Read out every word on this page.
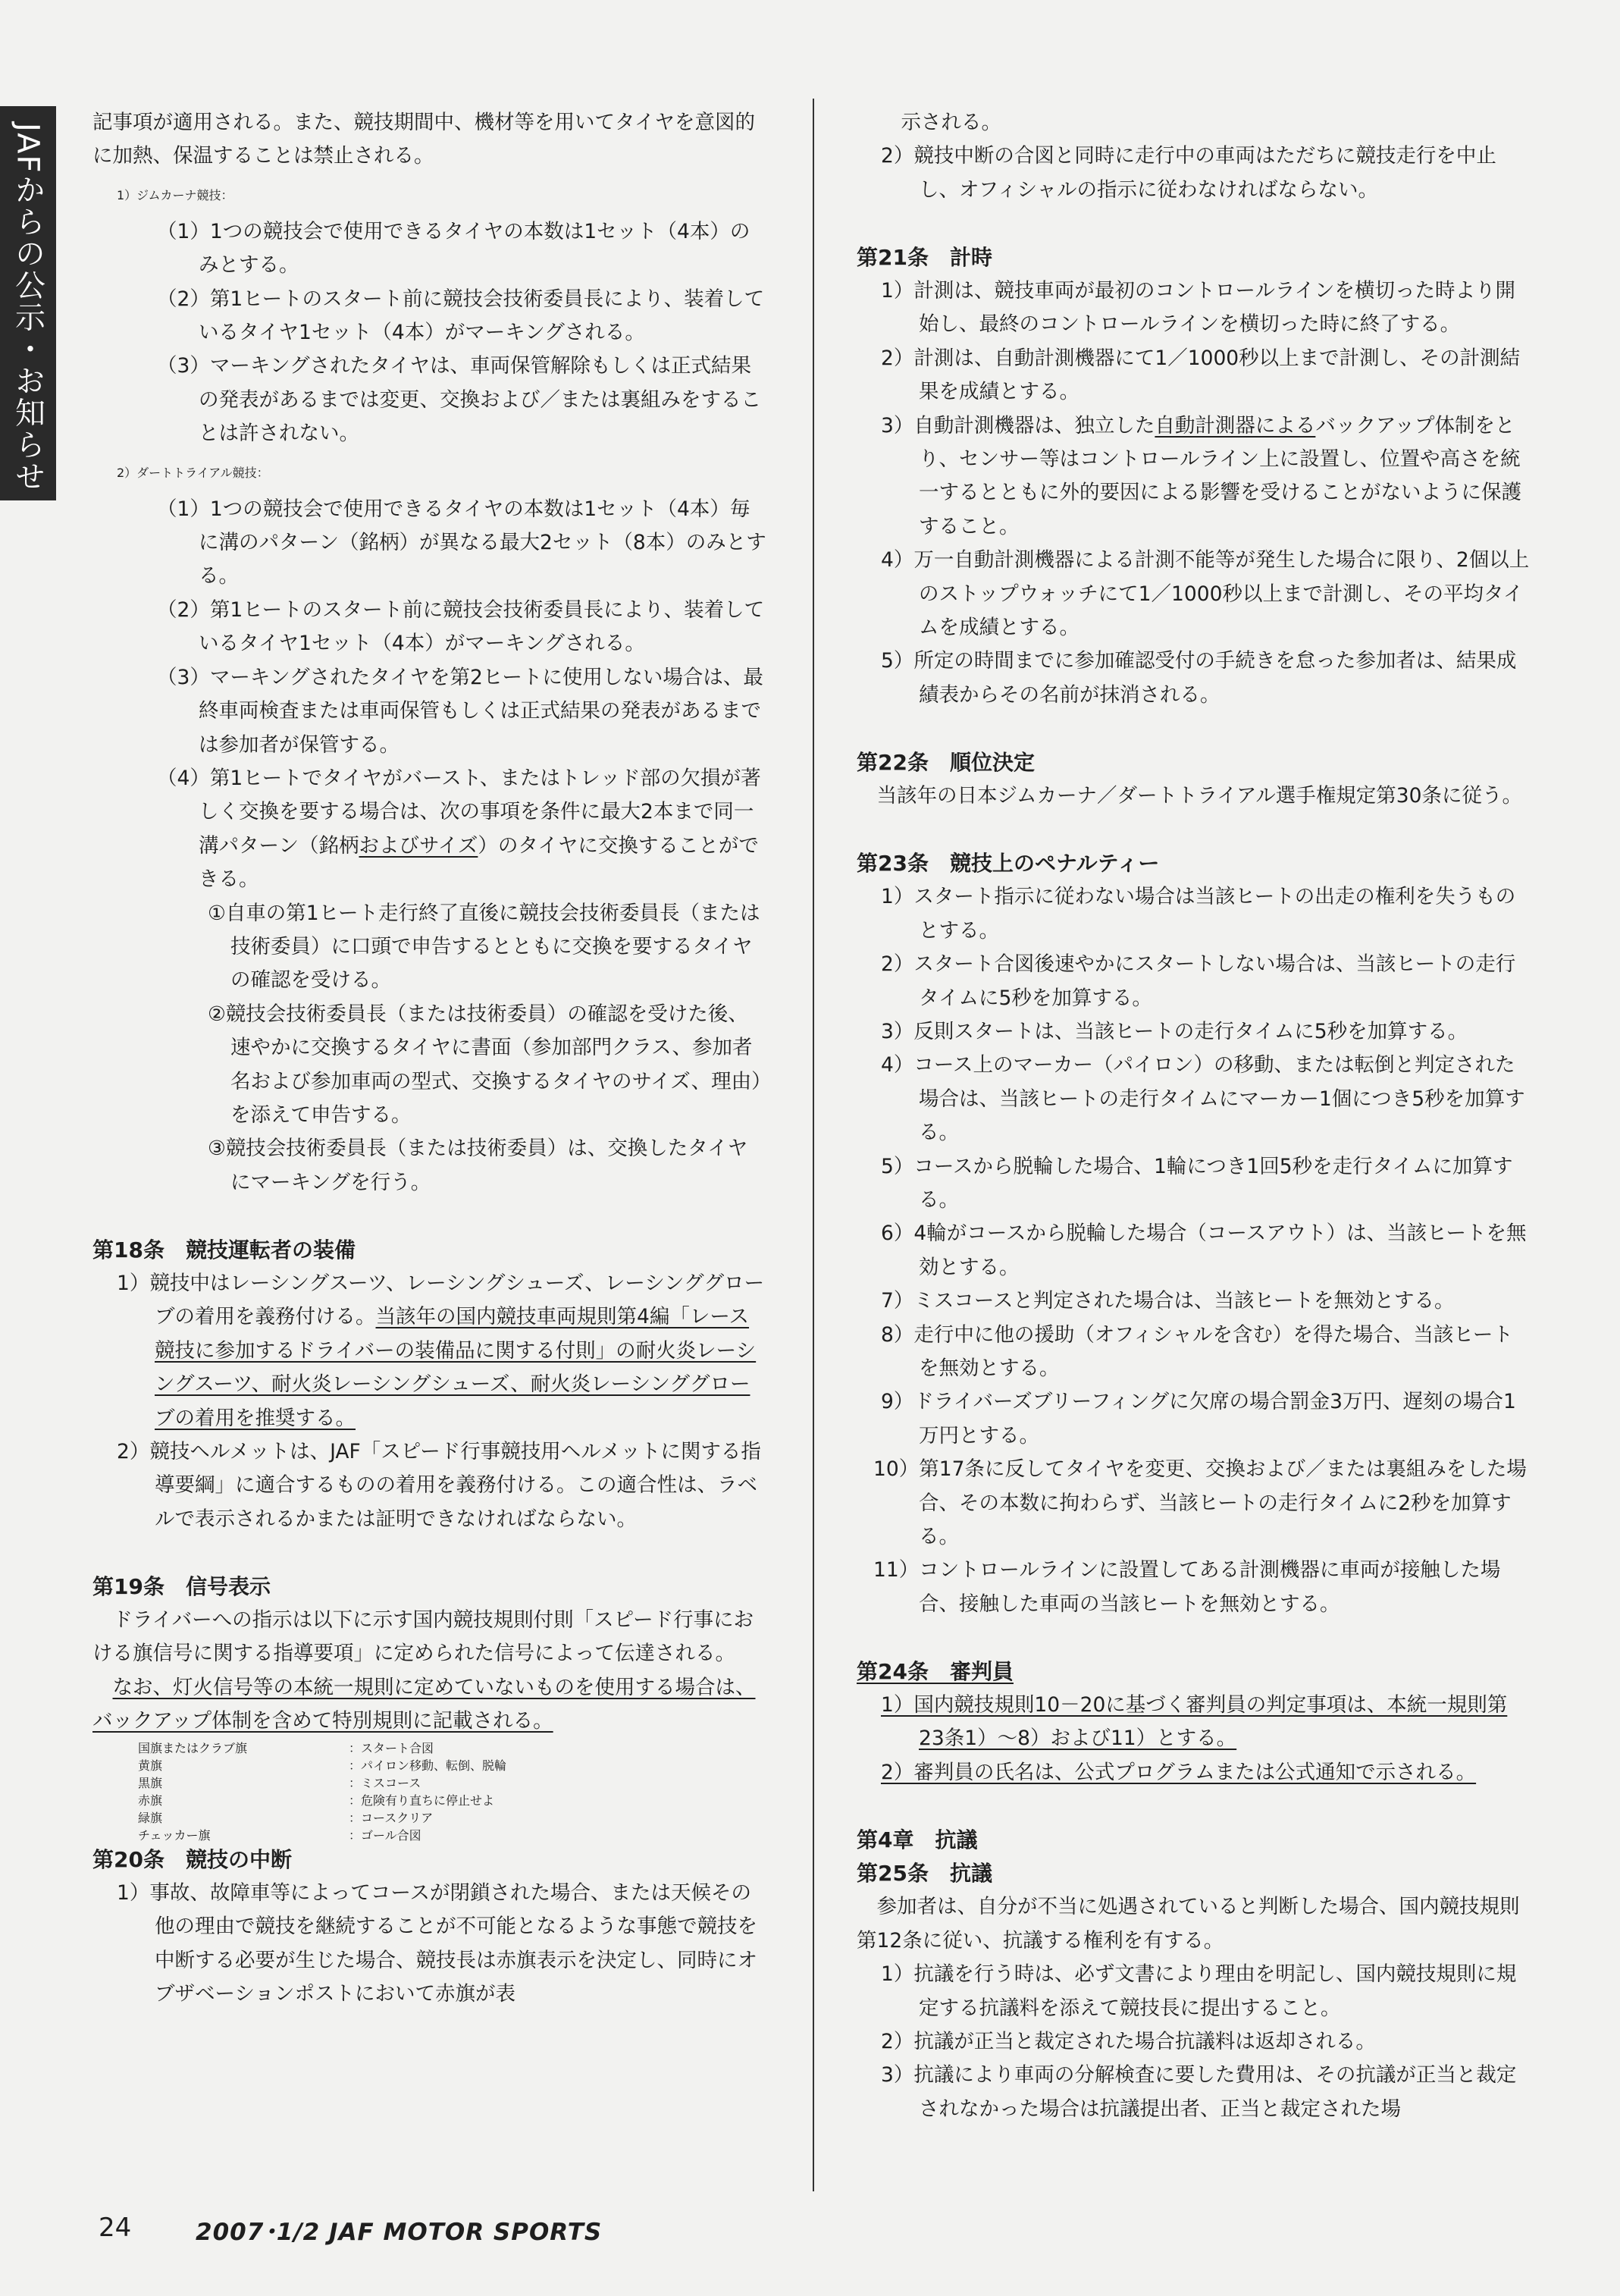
JAFからの公示・お知らせ

記事項が適用される。また、競技期間中、機材等を用いてタイヤを意図的に加熱、保温することは禁止される。

1）ジムカーナ競技：

（1）1つの競技会で使用できるタイヤの本数は1セット（4本）のみとする。

（2）第1ヒートのスタート前に競技会技術委員長により、装着しているタイヤ1セット（4本）がマーキングされる。

（3）マーキングされたタイヤは、車両保管解除もしくは正式結果の発表があるまでは変更、交換および／または裏組みをすることは許されない。

2）ダートトライアル競技：

（1）1つの競技会で使用できるタイヤの本数は1セット（4本）毎に溝のパターン（銘柄）が異なる最大2セット（8本）のみとする。

（2）第1ヒートのスタート前に競技会技術委員長により、装着しているタイヤ1セット（4本）がマーキングされる。

（3）マーキングされたタイヤを第2ヒートに使用しない場合は、最終車両検査または車両保管もしくは正式結果の発表があるまでは参加者が保管する。

（4）第1ヒートでタイヤがバースト、またはトレッド部の欠損が著しく交換を要する場合は、次の事項を条件に最大2本まで同一溝パターン（銘柄およびサイズ）のタイヤに交換することができる。

①自車の第1ヒート走行終了直後に競技会技術委員長（または技術委員）に口頭で申告するとともに交換を要するタイヤの確認を受ける。

②競技会技術委員長（または技術委員）の確認を受けた後、速やかに交換するタイヤに書面（参加部門クラス、参加者名および参加車両の型式、交換するタイヤのサイズ、理由）を添えて申告する。

③競技会技術委員長（または技術委員）は、交換したタイヤにマーキングを行う。

第18条　競技運転者の装備

1）競技中はレーシングスーツ、レーシングシューズ、レーシンググローブの着用を義務付ける。当該年の国内競技車両規則第4編「レース競技に参加するドライバーの装備品に関する付則」の耐火炎レーシングスーツ、耐火炎レーシングシューズ、耐火炎レーシンググローブの着用を推奨する。

2）競技ヘルメットは、JAF「スピード行事競技用ヘルメットに関する指導要綱」に適合するものの着用を義務付ける。この適合性は、ラベルで表示されるかまたは証明できなければならない。

第19条　信号表示

ドライバーへの指示は以下に示す国内競技規則付則「スピード行事における旗信号に関する指導要項」に定められた信号によって伝達される。

なお、灯火信号等の本統一規則に定めていないものを使用する場合は、バックアップ体制を含めて特別規則に記載される。

国旗またはクラブ旗	：スタート合図
黄旗	：パイロン移動、転倒、脱輪
黒旗	：ミスコース
赤旗	：危険有り直ちに停止せよ
緑旗	：コースクリア
チェッカー旗	：ゴール合図

第20条　競技の中断

1）事故、故障車等によってコースが閉鎖された場合、または天候その他の理由で競技を継続することが不可能となるような事態で競技を中断する必要が生じた場合、競技長は赤旗表示を決定し、同時にオブザベーションポストにおいて赤旗が表

　示される。

2）競技中断の合図と同時に走行中の車両はただちに競技走行を中止し、オフィシャルの指示に従わなければならない。

第21条　計時

1）計測は、競技車両が最初のコントロールラインを横切った時より開始し、最終のコントロールラインを横切った時に終了する。

2）計測は、自動計測機器にて1／1000秒以上まで計測し、その計測結果を成績とする。

3）自動計測機器は、独立した自動計測器によるバックアップ体制をとり、センサー等はコントロールライン上に設置し、位置や高さを統一するとともに外的要因による影響を受けることがないように保護すること。

4）万一自動計測機器による計測不能等が発生した場合に限り、2個以上のストップウォッチにて1／1000秒以上まで計測し、その平均タイムを成績とする。

5）所定の時間までに参加確認受付の手続きを怠った参加者は、結果成績表からその名前が抹消される。

第22条　順位決定

当該年の日本ジムカーナ／ダートトライアル選手権規定第30条に従う。

第23条　競技上のペナルティー

1）スタート指示に従わない場合は当該ヒートの出走の権利を失うものとする。

2）スタート合図後速やかにスタートしない場合は、当該ヒートの走行タイムに5秒を加算する。

3）反則スタートは、当該ヒートの走行タイムに5秒を加算する。

4）コース上のマーカー（パイロン）の移動、または転倒と判定された場合は、当該ヒートの走行タイムにマーカー1個につき5秒を加算する。

5）コースから脱輪した場合、1輪につき1回5秒を走行タイムに加算する。

6）4輪がコースから脱輪した場合（コースアウト）は、当該ヒートを無効とする。

7）ミスコースと判定された場合は、当該ヒートを無効とする。

8）走行中に他の援助（オフィシャルを含む）を得た場合、当該ヒートを無効とする。

9）ドライバーズブリーフィングに欠席の場合罰金3万円、遅刻の場合1万円とする。

10）第17条に反してタイヤを変更、交換および／または裏組みをした場合、その本数に拘わらず、当該ヒートの走行タイムに2秒を加算する。

11）コントロールラインに設置してある計測機器に車両が接触した場合、接触した車両の当該ヒートを無効とする。

第24条　審判員

1）国内競技規則10－20に基づく審判員の判定事項は、本統一規則第23条1）～8）および11）とする。

2）審判員の氏名は、公式プログラムまたは公式通知で示される。

第4章　抗議

第25条　抗議

参加者は、自分が不当に処遇されていると判断した場合、国内競技規則第12条に従い、抗議する権利を有する。

1）抗議を行う時は、必ず文書により理由を明記し、国内競技規則に規定する抗議料を添えて競技長に提出すること。

2）抗議が正当と裁定された場合抗議料は返却される。

3）抗議により車両の分解検査に要した費用は、その抗議が正当と裁定されなかった場合は抗議提出者、正当と裁定された場

24	2007･1/2 JAF MOTOR SPORTS
